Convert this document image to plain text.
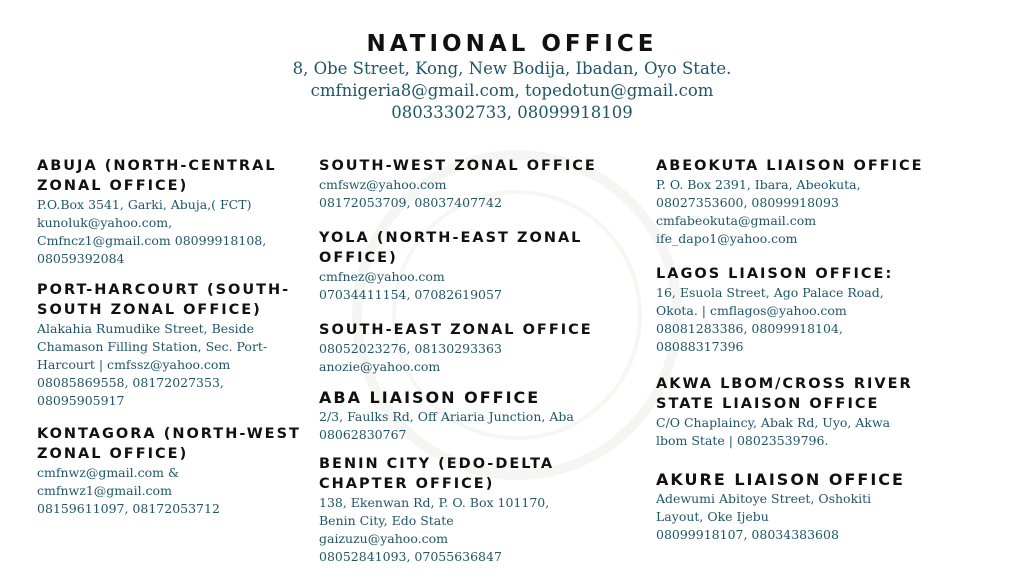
NATIONAL OFFICE
8, Obe Street, Kong, New Bodija, Ibadan, Oyo State.
cmfnigeria8@gmail.com, topedotun@gmail.com
08033302733, 08099918109
ABUJA (NORTH-CENTRAL ZONAL OFFICE)

P.O.Box 3541, Garki, Abuja,( FCT)

kunoluk@yahoo.com,

Cmfncz1@gmail.com 08099918108,

08059392084

PORT-HARCOURT (SOUTH-SOUTH ZONAL OFFICE)

Alakahia Rumudike Street, Beside

Chamason Filling Station, Sec. Port-

Harcourt | cmfssz@yahoo.com

08085869558, 08172027353,

08095905917

KONTAGORA (NORTH-WEST ZONAL OFFICE)

cmfnwz@gmail.com &

cmfnwz1@gmail.com

08159611097, 08172053712

SOUTH-WEST ZONAL OFFICE

cmfswz@yahoo.com

08172053709, 08037407742

YOLA (NORTH-EAST ZONAL OFFICE)

cmfnez@yahoo.com

07034411154, 07082619057

SOUTH-EAST ZONAL OFFICE

08052023276, 08130293363

anozie@yahoo.com

ABA LIAISON OFFICE

2/3, Faulks Rd, Off Ariaria Junction, Aba

08062830767

BENIN CITY (EDO-DELTA CHAPTER OFFICE)

138, Ekenwan Rd, P. O. Box 101170,

Benin City, Edo State

gaizuzu@yahoo.com

08052841093, 07055636847

ABEOKUTA LIAISON OFFICE

P. O. Box 2391, Ibara, Abeokuta,

08027353600, 08099918093

cmfabeokuta@gmail.com

ife_dapo1@yahoo.com

LAGOS LIAISON OFFICE:

16, Esuola Street, Ago Palace Road,

Okota. | cmflagos@yahoo.com

08081283386, 08099918104,

08088317396

AKWA LBOM/CROSS RIVER STATE LIAISON OFFICE

C/O Chaplaincy, Abak Rd, Uyo, Akwa

lbom State | 08023539796.

AKURE LIAISON OFFICE

Adewumi Abitoye Street, Oshokiti

Layout, Oke Ijebu

08099918107, 08034383608
